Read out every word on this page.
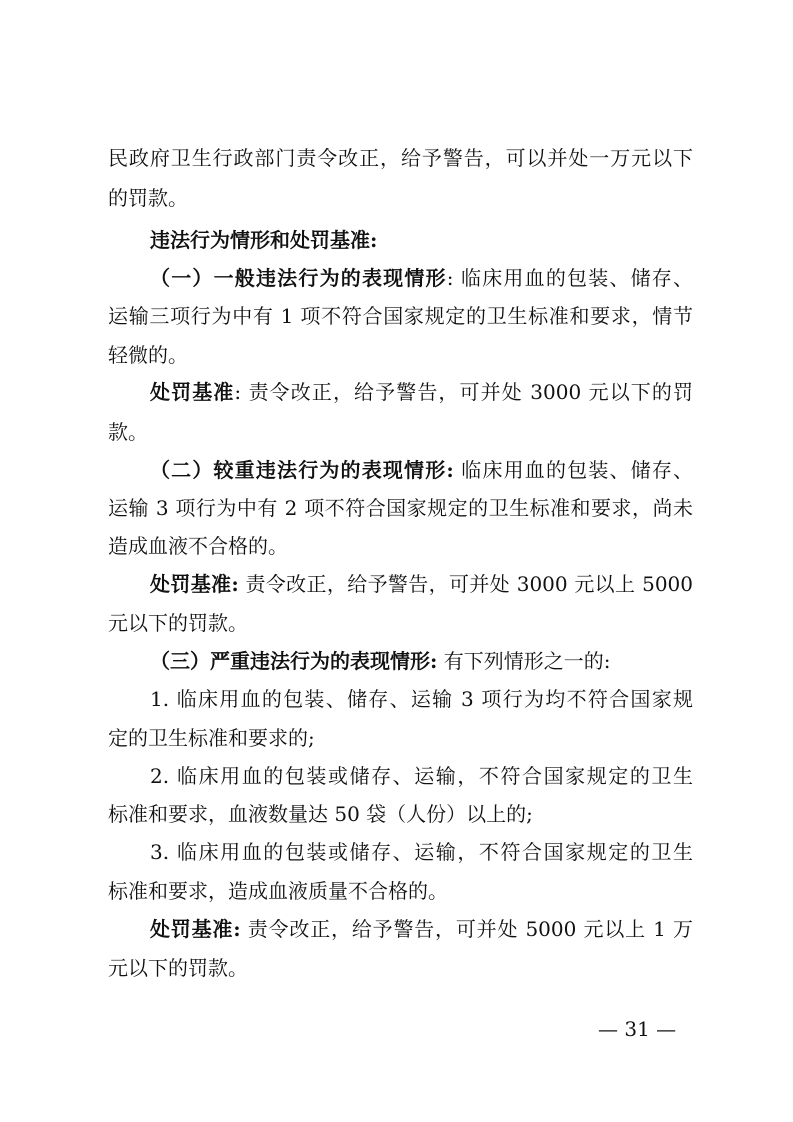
民政府卫生行政部门责令改正，给予警告，可以并处一万元以下
的罚款。
违法行为情形和处罚基准:
（一）一般违法行为的表现情形: 临床用血的包装、储存、
运输三项行为中有 1 项不符合国家规定的卫生标准和要求，情节
轻微的。
处罚基准: 责令改正，给予警告，可并处 3000 元以下的罚
款。
（二）较重违法行为的表现情形: 临床用血的包装、储存、
运输 3 项行为中有 2 项不符合国家规定的卫生标准和要求，尚未
造成血液不合格的。
处罚基准: 责令改正，给予警告，可并处 3000 元以上 5000
元以下的罚款。
（三）严重违法行为的表现情形: 有下列情形之一的:
1. 临床用血的包装、储存、运输 3 项行为均不符合国家规
定的卫生标准和要求的;
2. 临床用血的包装或储存、运输，不符合国家规定的卫生
标准和要求，血液数量达 50 袋（人份）以上的;
3. 临床用血的包装或储存、运输，不符合国家规定的卫生
标准和要求，造成血液质量不合格的。
处罚基准: 责令改正，给予警告，可并处 5000 元以上 1 万
元以下的罚款。
— 31 —
